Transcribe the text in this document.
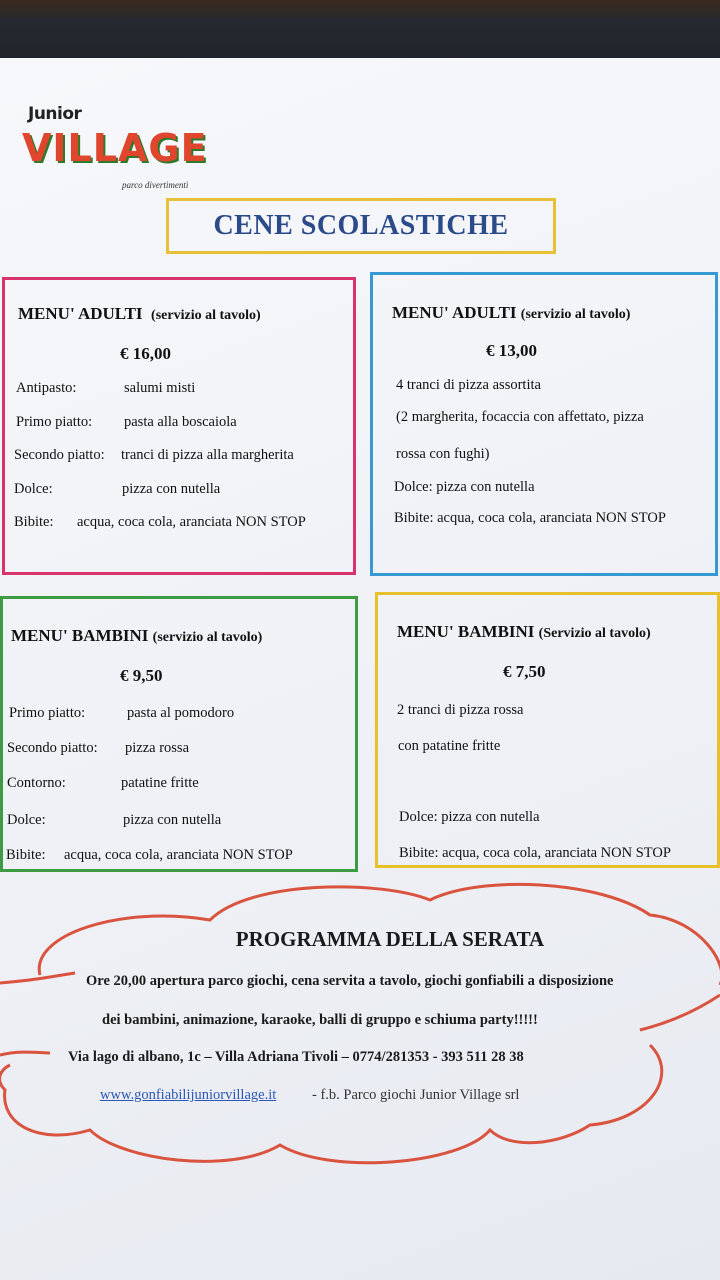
Junior
VILLAGE
parco divertimenti
CENE SCOLASTICHE
MENU' ADULTI (servizio al tavolo)
€ 16,00
Antipasto:	salumi misti
Primo piatto: pasta alla boscaiola
Secondo piatto: tranci di pizza alla margherita
Dolce:	pizza con nutella
Bibite: acqua, coca cola, aranciata NON STOP
MENU' ADULTI (servizio al tavolo)
€ 13,00
4 tranci di pizza assortita
(2 margherita, focaccia con affettato, pizza
rossa con fughi)
Dolce: pizza con nutella
Bibite: acqua, coca cola, aranciata NON STOP
MENU' BAMBINI (servizio al tavolo)
€ 9,50
Primo piatto:	pasta al pomodoro
Secondo piatto: pizza rossa
Contorno:	patatine fritte
Dolce:	pizza con nutella
Bibite: acqua, coca cola, aranciata NON STOP
MENU' BAMBINI (Servizio al tavolo)
€ 7,50
2 tranci di pizza rossa
con patatine fritte
Dolce: pizza con nutella
Bibite: acqua, coca cola, aranciata NON STOP
PROGRAMMA DELLA SERATA
Ore 20,00 apertura parco giochi, cena servita a tavolo, giochi gonfiabili a disposizione
dei bambini, animazione, karaoke, balli di gruppo e schiuma party!!!!!
Via lago di albano, 1c – Villa Adriana Tivoli – 0774/281353 - 393 511 28 38
www.gonfiabilijuniorvillage.it - f.b. Parco giochi Junior Village srl
